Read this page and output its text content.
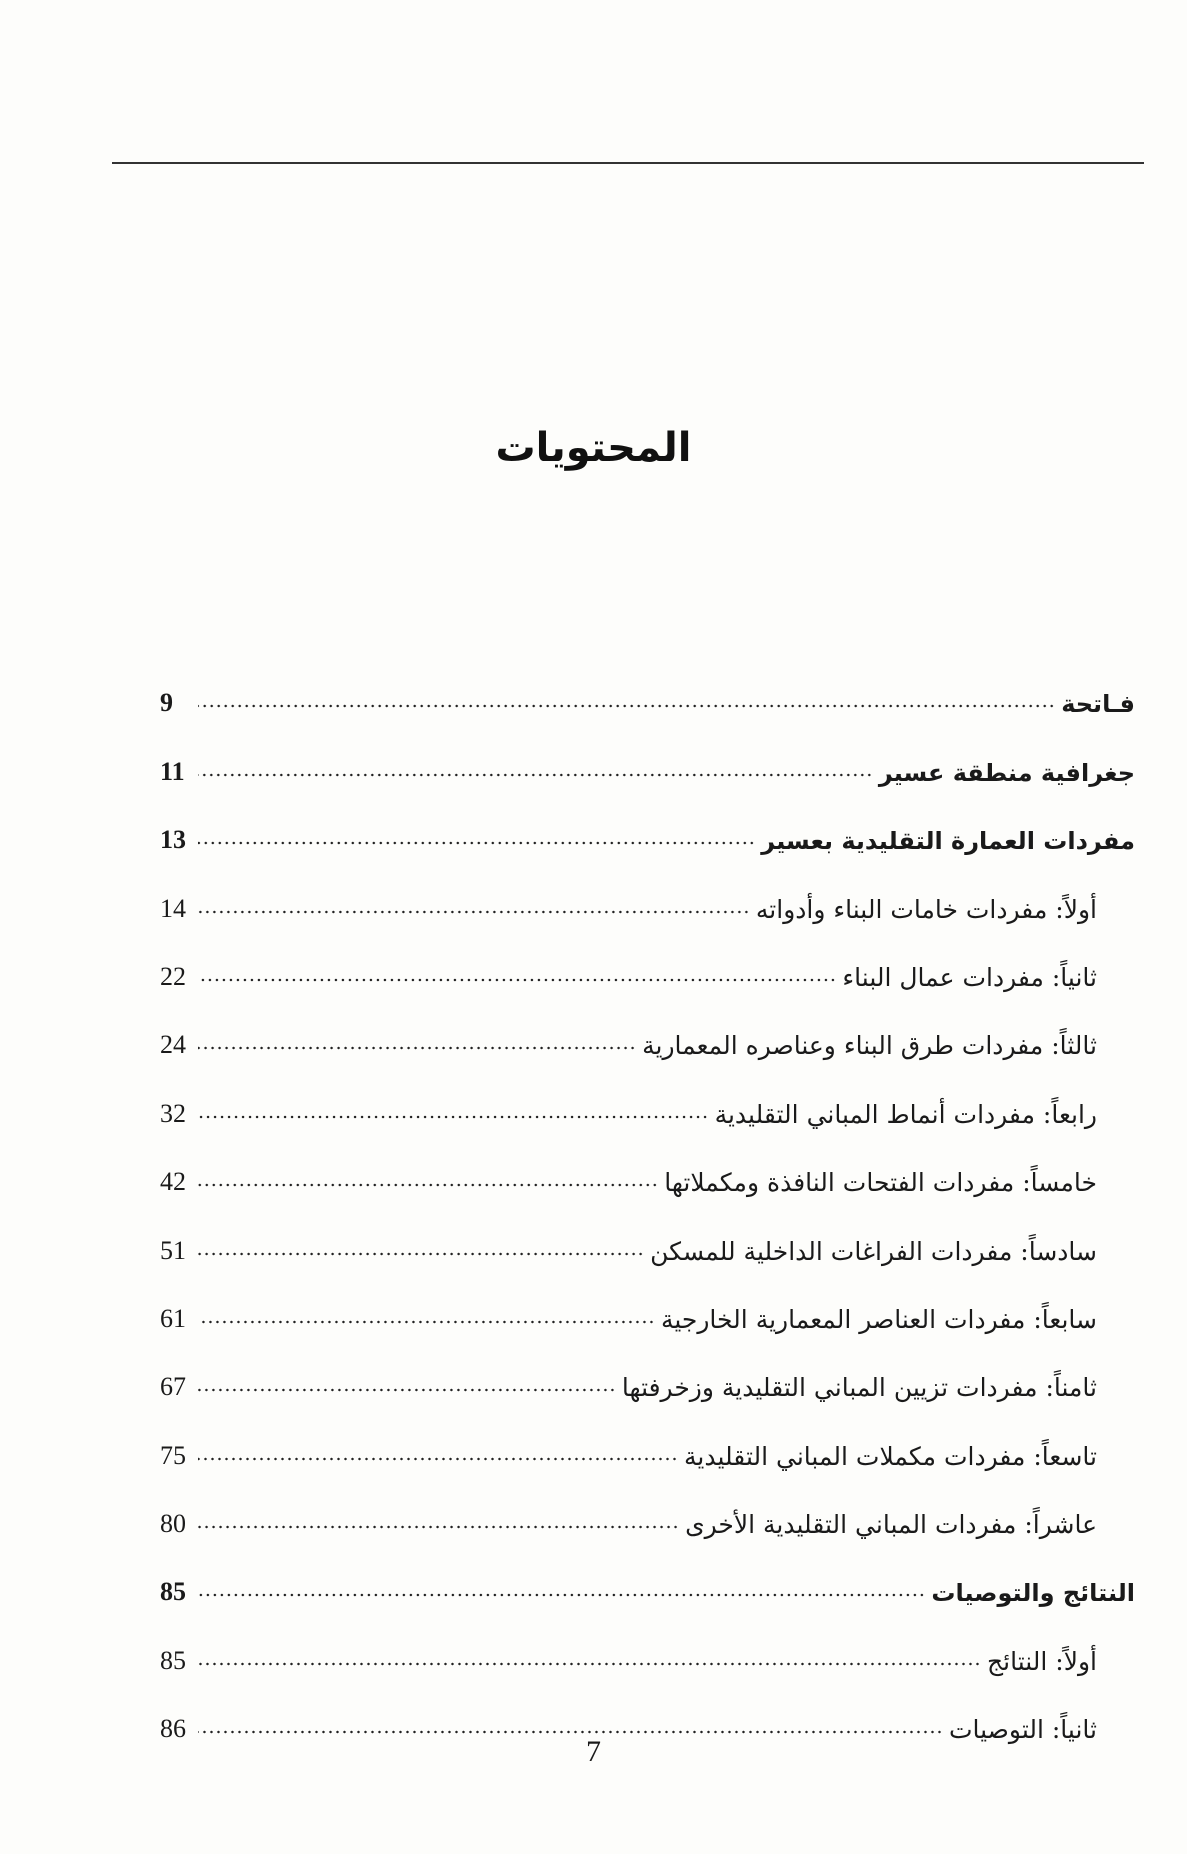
المحتويات
فـاتحة
9
جغرافية منطقة عسير
11
مفردات العمارة التقليدية بعسير
13
أولاً: مفردات خامات البناء وأدواته
14
ثانياً: مفردات عمال البناء
22
ثالثاً: مفردات طرق البناء وعناصره المعمارية
24
رابعاً: مفردات أنماط المباني التقليدية
32
خامساً: مفردات الفتحات النافذة ومكملاتها
42
سادساً: مفردات الفراغات الداخلية للمسكن
51
سابعاً: مفردات العناصر المعمارية الخارجية
61
ثامناً: مفردات تزيين المباني التقليدية وزخرفتها
67
تاسعاً: مفردات مكملات المباني التقليدية
75
عاشراً: مفردات المباني التقليدية الأخرى
80
النتائج والتوصيات
85
أولاً: النتائج
85
ثانياً: التوصيات
86
7
